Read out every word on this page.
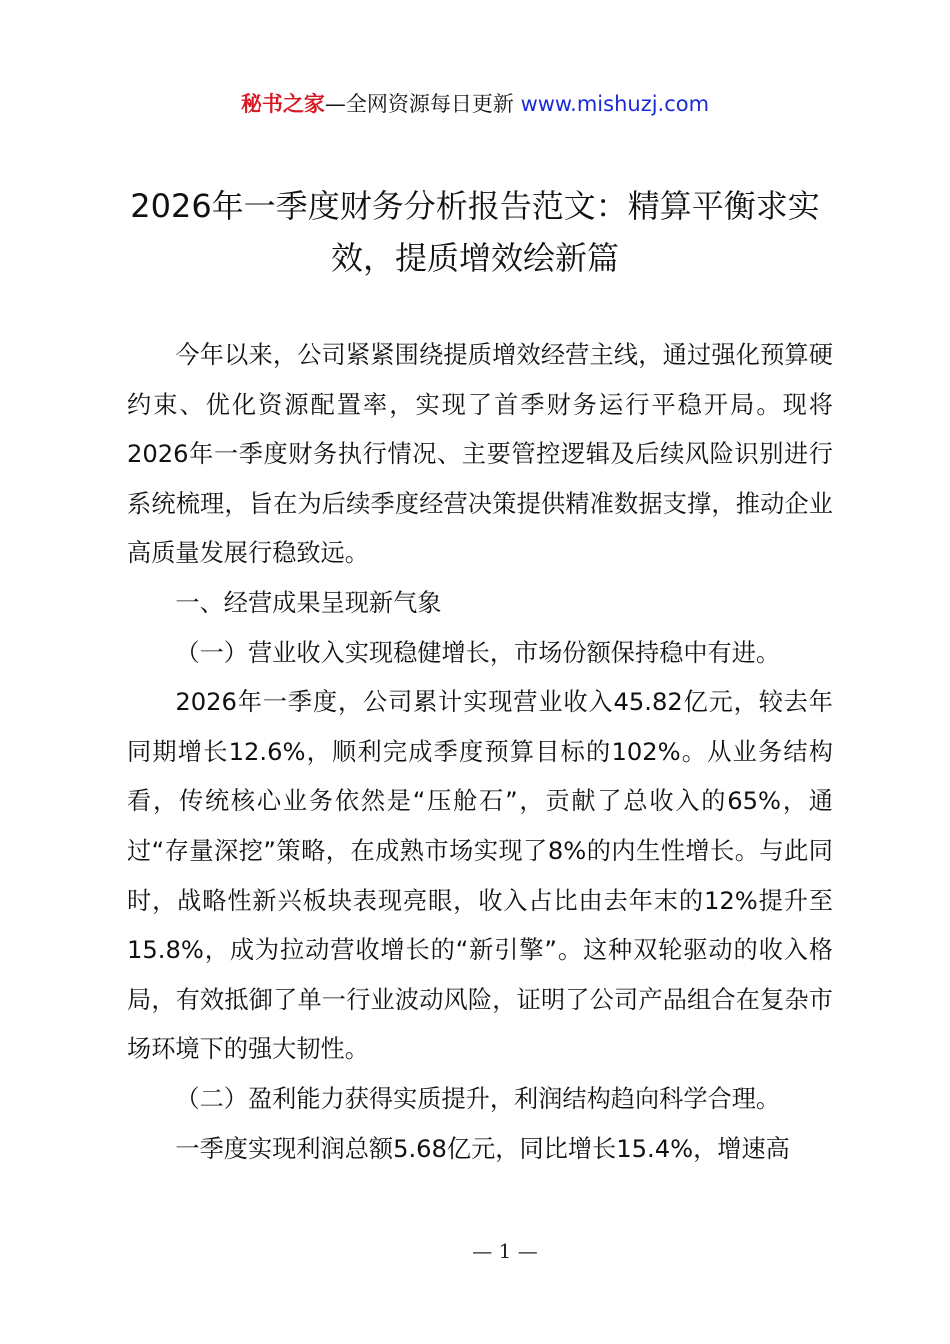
秘书之家—全网资源每日更新 www.mishuzj.com
2026年一季度财务分析报告范文：精算平衡求实效，提质增效绘新篇

今年以来，公司紧紧围绕提质增效经营主线，通过强化预算硬约束、优化资源配置率，实现了首季财务运行平稳开局。现将2026年一季度财务执行情况、主要管控逻辑及后续风险识别进行系统梳理，旨在为后续季度经营决策提供精准数据支撑，推动企业高质量发展行稳致远。

一、经营成果呈现新气象

（一）营业收入实现稳健增长，市场份额保持稳中有进。

2026年一季度，公司累计实现营业收入45.82亿元，较去年同期增长12.6%，顺利完成季度预算目标的102%。从业务结构看，传统核心业务依然是“压舱石”，贡献了总收入的65%，通过“存量深挖”策略，在成熟市场实现了8%的内生性增长。与此同时，战略性新兴板块表现亮眼，收入占比由去年末的12%提升至15.8%，成为拉动营收增长的“新引擎”。这种双轮驱动的收入格局，有效抵御了单一行业波动风险，证明了公司产品组合在复杂市场环境下的强大韧性。

（二）盈利能力获得实质提升，利润结构趋向科学合理。

一季度实现利润总额5.68亿元，同比增长15.4%，增速高

— 1 —
